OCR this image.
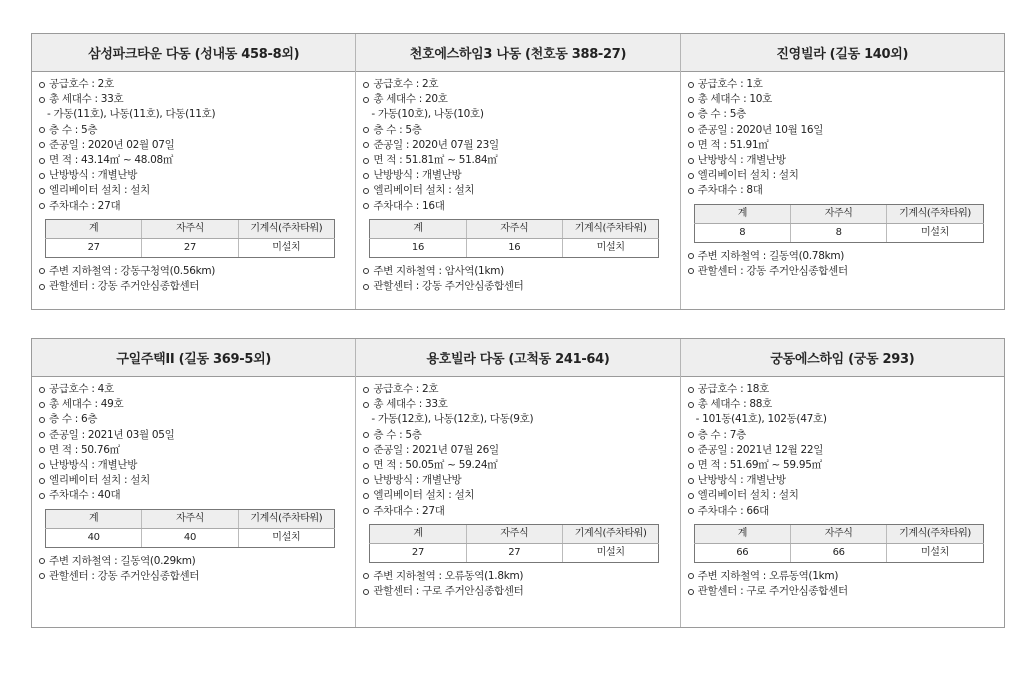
삼성파크타운 다동 (성내동 458-8외)
공급호수 : 2호
총 세대수 : 33호
- 가동(11호), 나동(11호), 다동(11호)
층 수 : 5층
준공일 : 2020년 02월 07일
면 적 : 43.14㎡ ~ 48.08㎡
난방방식 : 개별난방
엘리베이터 설치 : 설치
주차대수 : 27대
계	자주식	기계식(주차타워)
27	27	미설치
주변 지하철역 : 강동구청역(0.56km)
관할센터 : 강동 주거안심종합센터
천호에스하임3 나동 (천호동 388-27)
공급호수 : 2호
총 세대수 : 20호
- 가동(10호), 나동(10호)
층 수 : 5층
준공일 : 2020년 07월 23일
면 적 : 51.81㎡ ~ 51.84㎡
난방방식 : 개별난방
엘리베이터 설치 : 설치
주차대수 : 16대
계	자주식	기계식(주차타워)
16	16	미설치
주변 지하철역 : 암사역(1km)
관할센터 : 강동 주거안심종합센터
진영빌라 (길동 140외)
공급호수 : 1호
총 세대수 : 10호
층 수 : 5층
준공일 : 2020년 10월 16일
면 적 : 51.91㎡
난방방식 : 개별난방
엘리베이터 설치 : 설치
주차대수 : 8대
계	자주식	기계식(주차타워)
8	8	미설치
주변 지하철역 : 길동역(0.78km)
관할센터 : 강동 주거안심종합센터
구일주택II (길동 369-5외)
공급호수 : 4호
총 세대수 : 49호
층 수 : 6층
준공일 : 2021년 03월 05일
면 적 : 50.76㎡
난방방식 : 개별난방
엘리베이터 설치 : 설치
주차대수 : 40대
계	자주식	기계식(주차타워)
40	40	미설치
주변 지하철역 : 길동역(0.29km)
관할센터 : 강동 주거안심종합센터
용호빌라 다동 (고척동 241-64)
공급호수 : 2호
총 세대수 : 33호
- 가동(12호), 나동(12호), 다동(9호)
층 수 : 5층
준공일 : 2021년 07월 26일
면 적 : 50.05㎡ ~ 59.24㎡
난방방식 : 개별난방
엘리베이터 설치 : 설치
주차대수 : 27대
계	자주식	기계식(주차타워)
27	27	미설치
주변 지하철역 : 오류동역(1.8km)
관할센터 : 구로 주거안심종합센터
궁동에스하임 (궁동 293)
공급호수 : 18호
총 세대수 : 88호
- 101동(41호), 102동(47호)
층 수 : 7층
준공일 : 2021년 12월 22일
면 적 : 51.69㎡ ~ 59.95㎡
난방방식 : 개별난방
엘리베이터 설치 : 설치
주차대수 : 66대
계	자주식	기계식(주차타워)
66	66	미설치
주변 지하철역 : 오류동역(1km)
관할센터 : 구로 주거안심종합센터
